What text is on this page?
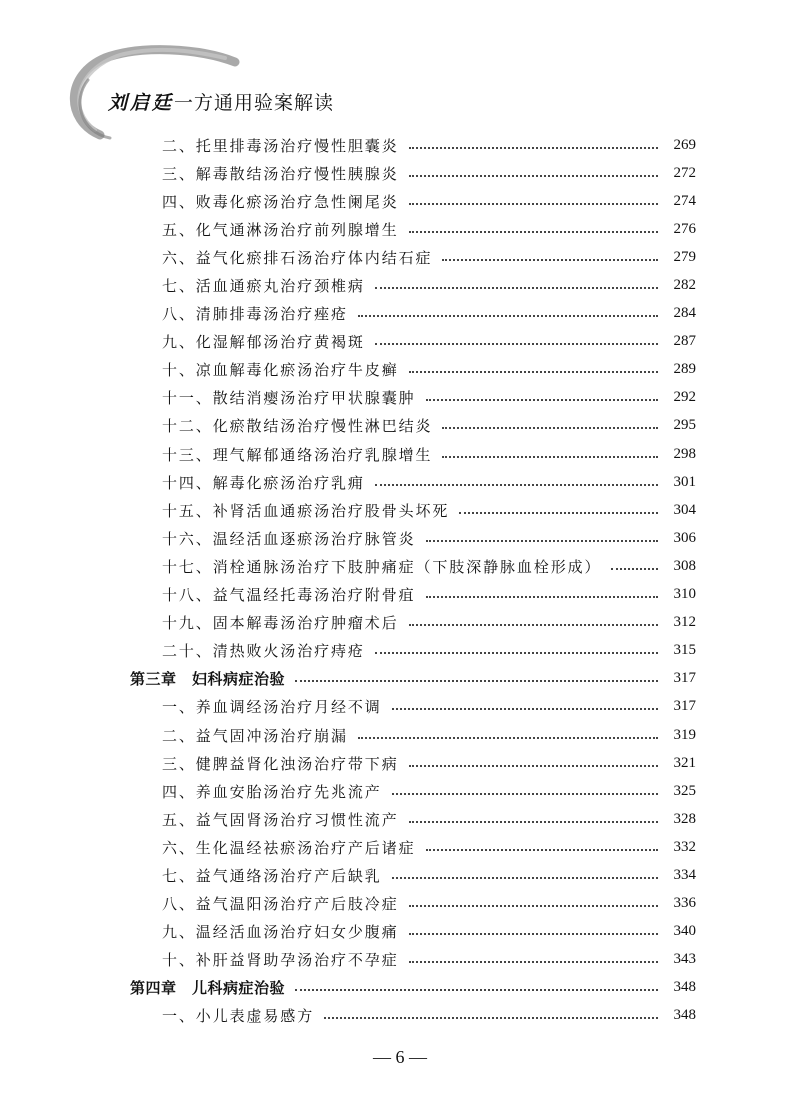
刘启廷一方通用验案解读
二、托里排毒汤治疗慢性胆囊炎	269
三、解毒散结汤治疗慢性胰腺炎	272
四、败毒化瘀汤治疗急性阑尾炎	274
五、化气通淋汤治疗前列腺增生	276
六、益气化瘀排石汤治疗体内结石症	279
七、活血通瘀丸治疗颈椎病	282
八、清肺排毒汤治疗痤疮	284
九、化湿解郁汤治疗黄褐斑	287
十、凉血解毒化瘀汤治疗牛皮癣	289
十一、散结消瘿汤治疗甲状腺囊肿	292
十二、化瘀散结汤治疗慢性淋巴结炎	295
十三、理气解郁通络汤治疗乳腺增生	298
十四、解毒化瘀汤治疗乳痈	301
十五、补肾活血通瘀汤治疗股骨头坏死	304
十六、温经活血逐瘀汤治疗脉管炎	306
十七、消栓通脉汤治疗下肢肿痛症（下肢深静脉血栓形成）	308
十八、益气温经托毒汤治疗附骨疽	310
十九、固本解毒汤治疗肿瘤术后	312
二十、清热败火汤治疗痔疮	315
第三章　妇科病症治验	317
一、养血调经汤治疗月经不调	317
二、益气固冲汤治疗崩漏	319
三、健脾益肾化浊汤治疗带下病	321
四、养血安胎汤治疗先兆流产	325
五、益气固肾汤治疗习惯性流产	328
六、生化温经祛瘀汤治疗产后诸症	332
七、益气通络汤治疗产后缺乳	334
八、益气温阳汤治疗产后肢冷症	336
九、温经活血汤治疗妇女少腹痛	340
十、补肝益肾助孕汤治疗不孕症	343
第四章　儿科病症治验	348
一、小儿表虚易感方	348
— 6 —
